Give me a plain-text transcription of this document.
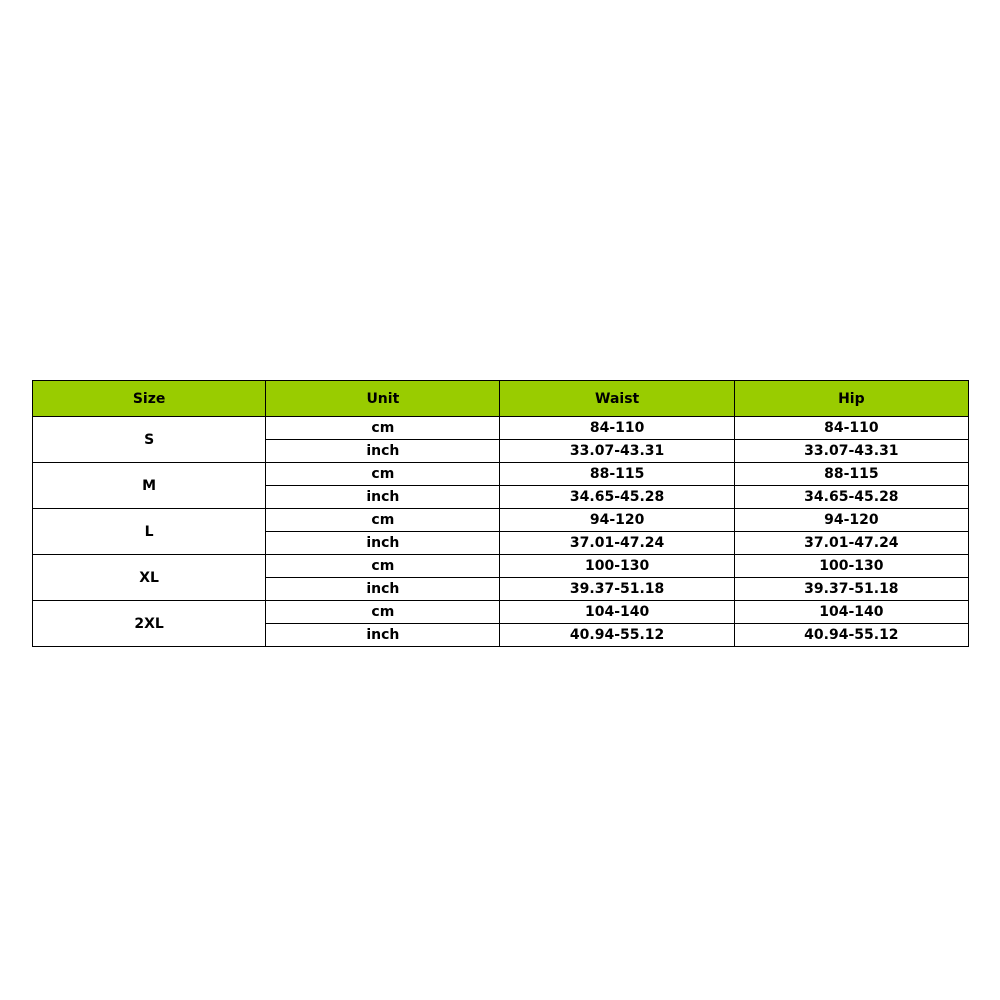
Size	Unit	Waist	Hip
S	cm	84-110	84-110
	inch	33.07-43.31	33.07-43.31
M	cm	88-115	88-115
	inch	34.65-45.28	34.65-45.28
L	cm	94-120	94-120
	inch	37.01-47.24	37.01-47.24
XL	cm	100-130	100-130
	inch	39.37-51.18	39.37-51.18
2XL	cm	104-140	104-140
	inch	40.94-55.12	40.94-55.12
